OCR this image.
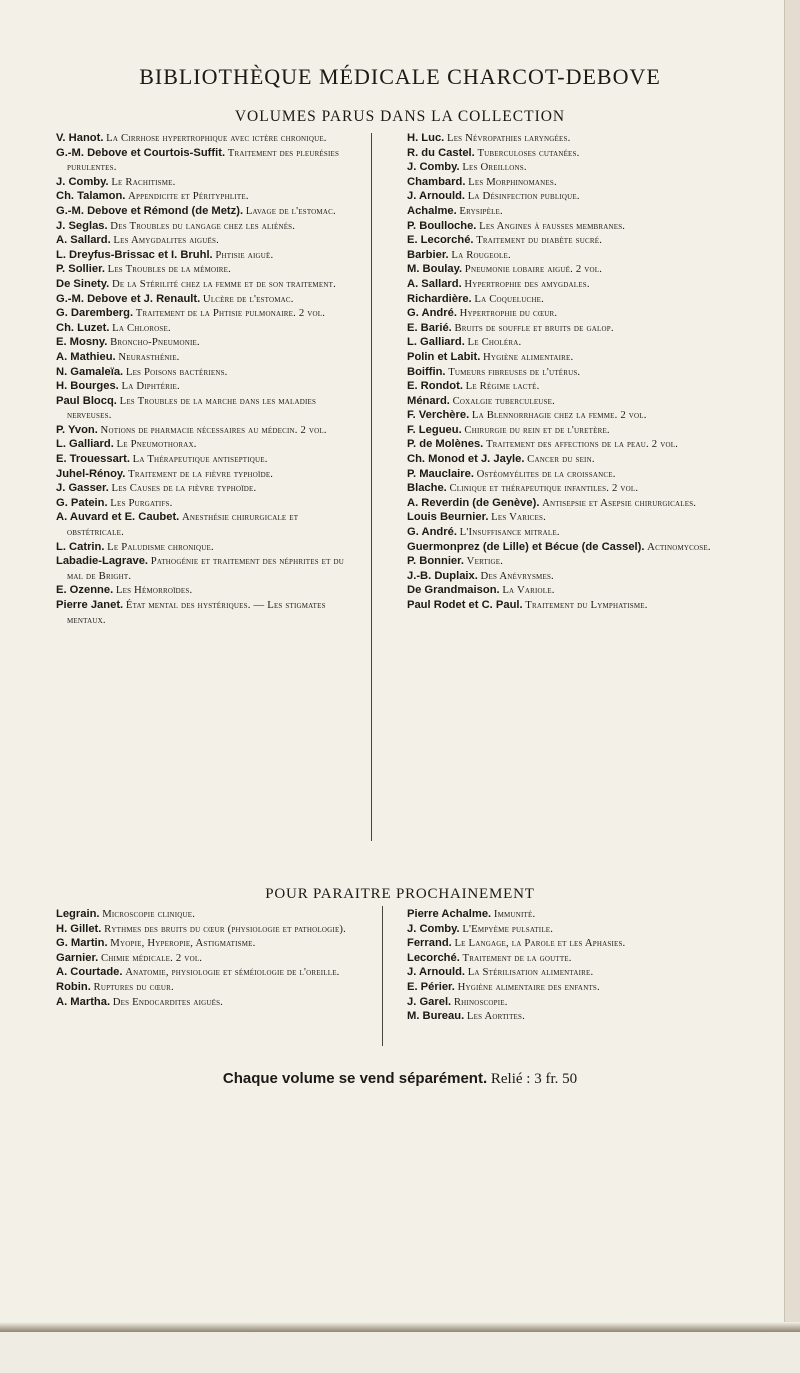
BIBLIOTHÈQUE MÉDICALE CHARCOT-DEBOVE
VOLUMES PARUS DANS LA COLLECTION

V. Hanot. La Cirrhose hypertrophique avec ictère chronique.

G.-M. Debove et Courtois-Suffit. Traitement des pleurésies purulentes.

J. Comby. Le Rachitisme.

Ch. Talamon. Appendicite et Pérityphlite.

G.-M. Debove et Rémond (de Metz). Lavage de l'estomac.

J. Seglas. Des Troubles du langage chez les aliénés.

A. Sallard. Les Amygdalites aiguës.

L. Dreyfus-Brissac et I. Bruhl. Phtisie aiguë.

P. Sollier. Les Troubles de la mémoire.

De Sinety. De la Stérilité chez la femme et de son traitement.

G.-M. Debove et J. Renault. Ulcère de l'estomac.

G. Daremberg. Traitement de la Phtisie pulmonaire. 2 vol.

Ch. Luzet. La Chlorose.

E. Mosny. Broncho-Pneumonie.

A. Mathieu. Neurasthénie.

N. Gamaleïa. Les Poisons bactériens.

H. Bourges. La Diphtérie.

Paul Blocq. Les Troubles de la marche dans les maladies nerveuses.

P. Yvon. Notions de pharmacie nécessaires au médecin. 2 vol.

L. Galliard. Le Pneumothorax.

E. Trouessart. La Thérapeutique antiseptique.

Juhel-Rénoy. Traitement de la fièvre typhoïde.

J. Gasser. Les Causes de la fièvre typhoïde.

G. Patein. Les Purgatifs.

A. Auvard et E. Caubet. Anesthésie chirurgicale et obstétricale.

L. Catrin. Le Paludisme chronique.

Labadie-Lagrave. Pathogénie et traitement des néphrites et du mal de Bright.

E. Ozenne. Les Hémorroïdes.

Pierre Janet. État mental des hystériques. — Les stigmates mentaux.

H. Luc. Les Névropathies laryngées.

R. du Castel. Tuberculoses cutanées.

J. Comby. Les Oreillons.

Chambard. Les Morphinomanes.

J. Arnould. La Désinfection publique.

Achalme. Erysipèle.

P. Boulloche. Les Angines à fausses membranes.

E. Lecorché. Traitement du diabète sucré.

Barbier. La Rougeole.

M. Boulay. Pneumonie lobaire aiguë. 2 vol.

A. Sallard. Hypertrophie des amygdales.

Richardière. La Coqueluche.

G. André. Hypertrophie du cœur.

E. Barié. Bruits de souffle et bruits de galop.

L. Galliard. Le Choléra.

Polin et Labit. Hygiène alimentaire.

Boiffin. Tumeurs fibreuses de l'utérus.

E. Rondot. Le Régime lacté.

Ménard. Coxalgie tuberculeuse.

F. Verchère. La Blennorrhagie chez la femme. 2 vol.

F. Legueu. Chirurgie du rein et de l'uretère.

P. de Molènes. Traitement des affections de la peau. 2 vol.

Ch. Monod et J. Jayle. Cancer du sein.

P. Mauclaire. Ostéomyélites de la croissance.

Blache. Clinique et thérapeutique infantiles. 2 vol.

A. Reverdin (de Genève). Antisepsie et Asepsie chirurgicales.

Louis Beurnier. Les Varices.

G. André. L'Insuffisance mitrale.

Guermonprez (de Lille) et Bécue (de Cassel). Actinomycose.

P. Bonnier. Vertige.

J.-B. Duplaix. Des Anévrysmes.

De Grandmaison. La Variole.

Paul Rodet et C. Paul. Traitement du Lymphatisme.

POUR PARAITRE PROCHAINEMENT

Legrain. Microscopie clinique.

H. Gillet. Rythmes des bruits du cœur (physiologie et pathologie).

G. Martin. Myopie, Hyperopie, Astigmatisme.

Garnier. Chimie médicale. 2 vol.

A. Courtade. Anatomie, physiologie et séméiologie de l'oreille.

Robin. Ruptures du cœur.

A. Martha. Des Endocardites aiguës.

Pierre Achalme. Immunité.

J. Comby. L'Empyème pulsatile.

Ferrand. Le Langage, la Parole et les Aphasies.

Lecorché. Traitement de la goutte.

J. Arnould. La Stérilisation alimentaire.

E. Périer. Hygiène alimentaire des enfants.

J. Garel. Rhinoscopie.

M. Bureau. Les Aortites.

Chaque volume se vend séparément. Relié : 3 fr. 50
